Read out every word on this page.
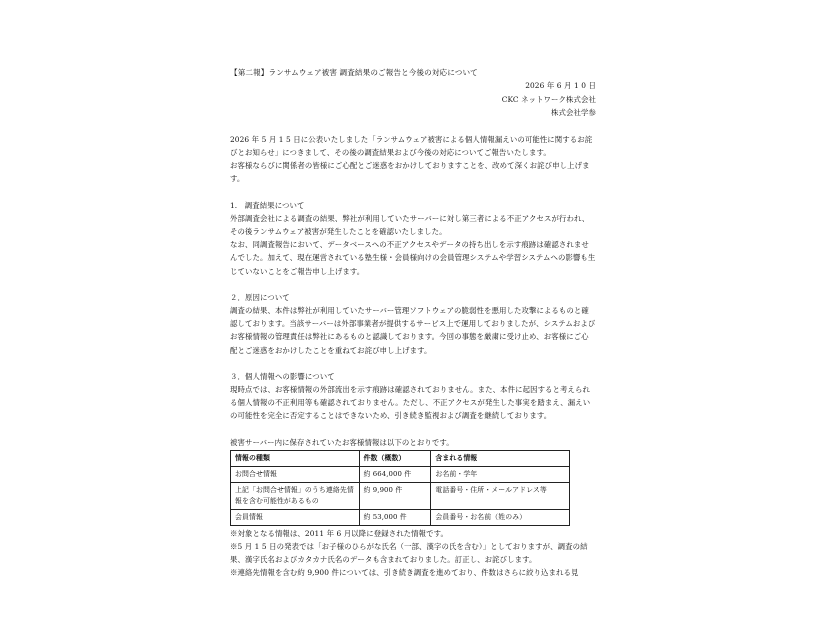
【第二報】ランサムウェア被害 調査結果のご報告と今後の対応について
2026 年 6 月 1 0 日
CKC ネットワーク株式会社
株式会社学参

2026 年 5 月 1 5 日に公表いたしました「ランサムウェア被害による個人情報漏えいの可能性に関するお詫びとお知らせ」につきまして、その後の調査結果および今後の対応についてご報告いたします。

お客様ならびに関係者の皆様にご心配とご迷惑をおかけしておりますことを、改めて深くお詫び申し上げます。

1.　調査結果について

外部調査会社による調査の結果、弊社が利用していたサーバーに対し第三者による不正アクセスが行われ、その後ランサムウェア被害が発生したことを確認いたしました。

なお、同調査報告において、データベースへの不正アクセスやデータの持ち出しを示す痕跡は確認されませんでした。加えて、現在運営されている塾生様・会員様向けの会員管理システムや学習システムへの影響も生じていないことをご報告申し上げます。

２．原因について

調査の結果、本件は弊社が利用していたサーバー管理ソフトウェアの脆弱性を悪用した攻撃によるものと確認しております。当該サーバーは外部事業者が提供するサービス上で運用しておりましたが、システムおよびお客様情報の管理責任は弊社にあるものと認識しております。今回の事態を厳粛に受け止め、お客様にご心配とご迷惑をおかけしたことを重ねてお詫び申し上げます。

３．個人情報への影響について

現時点では、お客様情報の外部流出を示す痕跡は確認されておりません。また、本件に起因すると考えられる個人情報の不正利用等も確認されておりません。ただし、不正アクセスが発生した事実を踏まえ、漏えいの可能性を完全に否定することはできないため、引き続き監視および調査を継続しております。

被害サーバー内に保存されていたお客様情報は以下のとおりです。

情報の種類	件数（概数）	含まれる情報
お問合せ情報	約 664,000 件	お名前・学年
上記「お問合せ情報」のうち連絡先情報を含む可能性があるもの	約 9,900 件	電話番号・住所・メールアドレス等
会員情報	約 53,000 件	会員番号・お名前（姓のみ）

※対象となる情報は、2011 年 6 月以降に登録された情報です。

※5 月 1 5 日の発表では「お子様のひらがな氏名（一部、漢字の氏を含む）」としておりますが、調査の結果、漢字氏名およびカタカナ氏名のデータも含まれておりました。訂正し、お詫びします。

※連絡先情報を含む約 9,900 件については、引き続き調査を進めており、件数はさらに絞り込まれる見
